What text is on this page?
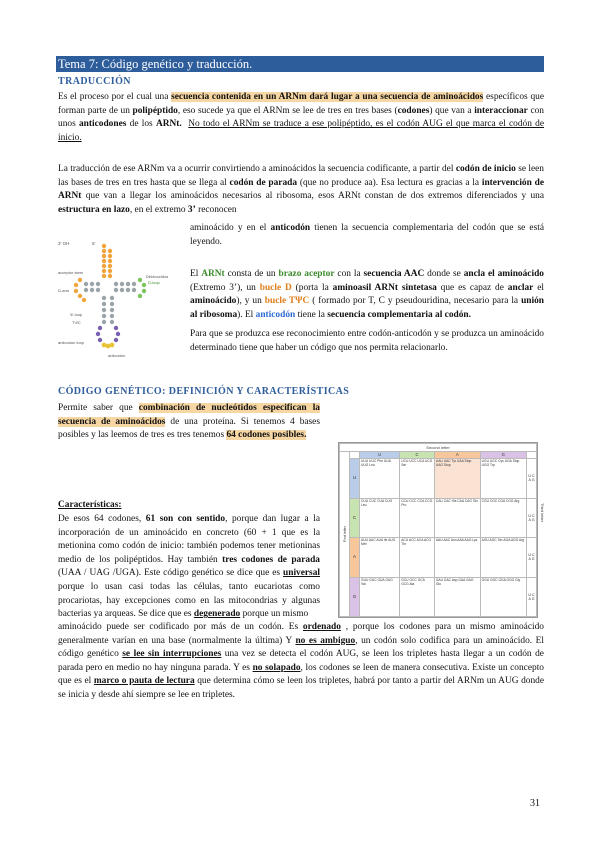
Tema 7: Código genético y traducción.
TRADUCCIÓN
Es el proceso por el cual una secuencia contenida en un ARNm dará lugar a una secuencia de aminoácidos específicos que forman parte de un polipéptido, eso sucede ya que el ARNm se lee de tres en tres bases (codones) que van a interaccionar con unos anticodones de los ARNt. No todo el ARNm se traduce a ese polipéptido, es el codón AUG el que marca el codón de inicio.
La traducción de ese ARNm va a ocurrir convirtiendo a aminoácidos la secuencia codificante, a partir del codón de inicio se leen las bases de tres en tres hasta que se llega al codón de parada (que no produce aa). Esa lectura es gracias a la intervención de ARNt que van a llegar los aminoácidos necesarios al ribosoma, esos ARNt constan de dos extremos diferenciados y una estructura en lazo, en el extremo 3’ reconocen
aminoácido y en el anticodón tienen la secuencia complementaria del codón que se está leyendo.
3’ OH	5’
acceptor stem
D-arm
D-loop
Dihidrouridina
Ψ-loop
TΨC
anticodon loop
anticodon
El ARNt consta de un brazo aceptor con la secuencia AAC donde se ancla el aminoácido (Extremo 3’), un bucle D (porta la aminoasil ARNt sintetasa que es capaz de anclar el aminoácido), y un bucle TΨC ( formado por T, C y pseudouridina, necesario para la unión al ribosoma). El anticodón tiene la secuencia complementaria al codón.
Para que se produzca ese reconocimiento entre codón-anticodón y se produzca un aminoácido determinado tiene que haber un código que nos permita relacionarlo.
CÓDIGO GENÉTICO: DEFINICIÓN Y CARACTERÍSTICAS
Permite saber que combinación de nucleótidos especifican la secuencia de aminoácidos de una proteína. Si tenemos 4 bases posibles y las leemos de tres es tres tenemos 64 codones posibles.
Características:
De esos 64 codones, 61 son con sentido, porque dan lugar a la incorporación de un aminoácido en concreto (60 + 1 que es la metionina como codón de inicio: también podemos tener metioninas medio de los polipéptidos. Hay también tres codones de parada (UAA / UAG /UGA). Este código genético se dice que es universal porque lo usan casi todas las células, tanto eucariotas como procariotas, hay excepciones como en las mitocondrias y algunas bacterias ya arqueas. Se dice que es degenerado porque un mismo
Second letter						
First letter		U	C	A	G	
	U	UUU UUC Phe UUA UUG Leu	UCU UCC UCA UCG Ser	UAU UAC Tyr UAA Stop UAG Stop	UGU UGC Cys UGA Stop UGG Trp	U C A G
	C	CUU CUC CUA CUG Leu	CCU CCC CCA CCG Pro	CAU CAC His CAA CAG Gln	CGU CGC CGA CGG Arg	U C A G
	A	AUU AUC AUA Ile AUG Met	ACU ACC ACA ACG Thr	AAU AAC Asn AAA AAG Lys	AGU AGC Ser AGA AGG Arg	U C A G
	G	GUU GUC GUA GUG Val	GCU GCC GCA GCG Ala	GAU GAC Asp GAA GAG Glu	GGU GGC GGA GGG Gly	U C A G
Third letter
aminoácido puede ser codificado por más de un codón. Es ordenado , porque los codones para un mismo aminoácido generalmente varían en una base (normalmente la última) Y no es ambiguo, un codón solo codifica para un aminoácido. El código genético se lee sin interrupciones una vez se detecta el codón AUG, se leen los tripletes hasta llegar a un codón de parada pero en medio no hay ninguna parada. Y es no solapado, los codones se leen de manera consecutiva. Existe un concepto que es el marco o pauta de lectura que determina cómo se leen los tripletes, habrá por tanto a partir del ARNm un AUG donde se inicia y desde ahí siempre se lee en tripletes.
31
